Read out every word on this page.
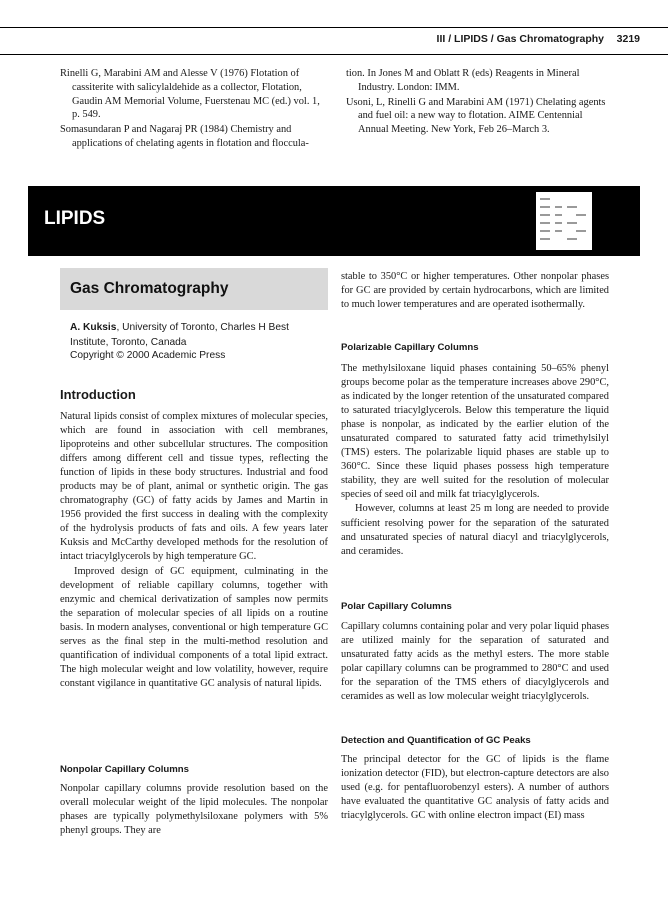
III / LIPIDS / Gas Chromatography 3219

Rinelli G, Marabini AM and Alesse V (1976) Flotation of cassiterite with salicylaldehide as a collector, Flotation, Gaudin AM Memorial Volume, Fuerstenau MC (ed.) vol. 1, p. 549.

Somasundaran P and Nagaraj PR (1984) Chemistry and applications of chelating agents in flotation and floccula-

tion. In Jones M and Oblatt R (eds) Reagents in Mineral Industry. London: IMM.

Usoni, L, Rinelli G and Marabini AM (1971) Chelating agents and fuel oil: a new way to flotation. AIME Centennial Annual Meeting. New York, Feb 26–March 3.

LIPIDS
Gas Chromatography
A. Kuksis, University of Toronto, Charles H Best Institute, Toronto, Canada
Copyright © 2000 Academic Press
Introduction

Natural lipids consist of complex mixtures of molecular species, which are found in association with cell membranes, lipoproteins and other subcellular structures. The composition differs among different cell and tissue types, reflecting the function of lipids in these body structures. Industrial and food products may be of plant, animal or synthetic origin. The gas chromatography (GC) of fatty acids by James and Martin in 1956 provided the first success in dealing with the complexity of the hydrolysis products of fats and oils. A few years later Kuksis and McCarthy developed methods for the resolution of intact triacylglycerols by high temperature GC.

Improved design of GC equipment, culminating in the development of reliable capillary columns, together with enzymic and chemical derivatization of samples now permits the separation of molecular species of all lipids on a routine basis. In modern analyses, conventional or high temperature GC serves as the final step in the multi-method resolution and quantification of individual components of a total lipid extract. The high molecular weight and low volatility, however, require constant vigilance in quantitative GC analysis of natural lipids.

Nonpolar Capillary Columns

Nonpolar capillary columns provide resolution based on the overall molecular weight of the lipid molecules. The nonpolar phases are typically polymethylsiloxane polymers with 5% phenyl groups. They are

stable to 350°C or higher temperatures. Other nonpolar phases for GC are provided by certain hydrocarbons, which are limited to much lower temperatures and are operated isothermally.

Polarizable Capillary Columns

The methylsiloxane liquid phases containing 50–65% phenyl groups become polar as the temperature increases above 290°C, as indicated by the longer retention of the unsaturated compared to saturated triacylglycerols. Below this temperature the liquid phase is nonpolar, as indicated by the earlier elution of the unsaturated compared to saturated fatty acid trimethylsilyl (TMS) esters. The polarizable liquid phases are stable up to 360°C. Since these liquid phases possess high temperature stability, they are well suited for the resolution of molecular species of seed oil and milk fat triacylglycerols.

However, columns at least 25 m long are needed to provide sufficient resolving power for the separation of the saturated and unsaturated species of natural diacyl and triacylglycerols, and ceramides.

Polar Capillary Columns

Capillary columns containing polar and very polar liquid phases are utilized mainly for the separation of saturated and unsaturated fatty acids as the methyl esters. The more stable polar capillary columns can be programmed to 280°C and used for the separation of the TMS ethers of diacylglycerols and ceramides as well as low molecular weight triacylglycerols.

Detection and Quantification of GC Peaks

The principal detector for the GC of lipids is the flame ionization detector (FID), but electron-capture detectors are also used (e.g. for pentafluorobenzyl esters). A number of authors have evaluated the quantitative GC analysis of fatty acids and triacylglycerols. GC with online electron impact (EI) mass
